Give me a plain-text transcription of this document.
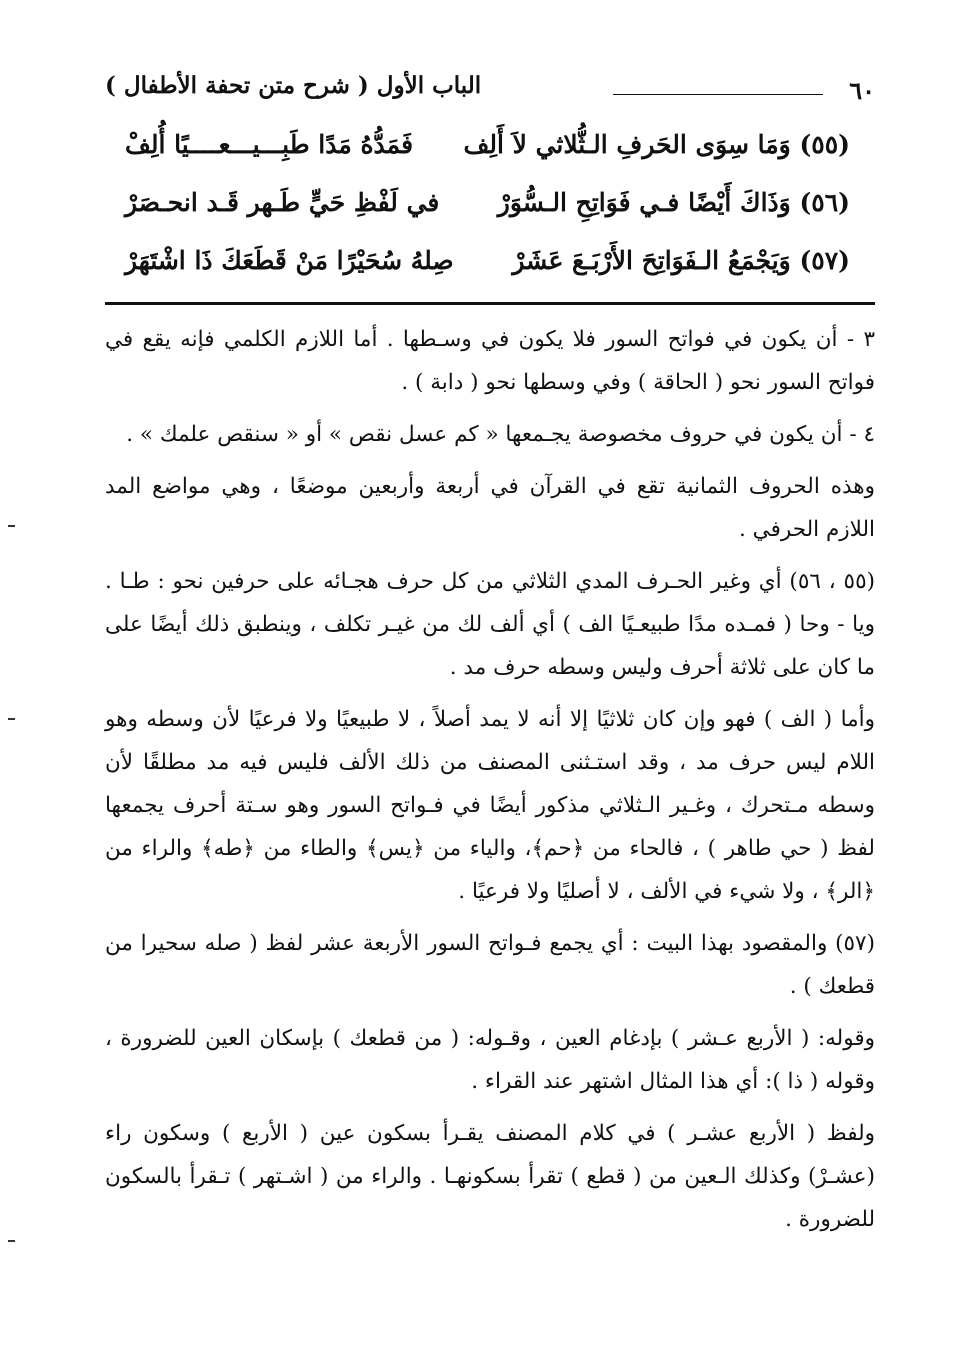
٦٠
الباب الأول ( شرح متن تحفة الأطفال )
(٥٥) وَمَا سِوَى الحَرفِ الـثُّلاثي لاَ أَلِف
فَمَدُّهُ مَدًا طَبِـــيـــعــــيًا أُلِفْ
(٥٦) وَذَاكَ أَيْضًا فـي فَوَاتِحِ الـسُّوَرْ
في لَفْظِ حَيٍّ طَـهر قَـد انحـصَرْ
(٥٧) وَيَجْمَعُ الـفَوَاتِحَ الأَرْبَـعَ عَشَرْ
صِلهُ سُحَيْرًا مَنْ قَطَعَكَ ذَا اشْتَهَرْ

٣ - أن يكون في فواتح السور فلا يكون في وسـطها . أما اللازم الكلمي فإنه يقع في فواتح السور نحو ( الحاقة ) وفي وسطها نحو ( دابة ) .

٤ - أن يكون في حروف مخصوصة يجـمعها « كم عسل نقص » أو « سنقص علمك » .

وهذه الحروف الثمانية تقع في القرآن في أربعة وأربعين موضعًا ، وهي مواضع المد اللازم الحرفي .

(٥٥ ، ٥٦) أي وغير الحـرف المدي الثلاثي من كل حرف هجـائه على حرفين نحو : طـا . ويا - وحا ( فمـده مدًا طبيعـيًا الف ) أي ألف لك من غيـر تكلف ، وينطبق ذلك أيضًا على ما كان على ثلاثة أحرف وليس وسطه حرف مد .

وأما ( الف ) فهو وإن كان ثلاثيًا إلا أنه لا يمد أصلاً ، لا طبيعيًا ولا فرعيًا لأن وسطه وهو اللام ليس حرف مد ، وقد استـثنى المصنف من ذلك الألف فليس فيه مد مطلقًا لأن وسطه مـتحرك ، وغـير الـثلاثي مذكور أيضًا في فـواتح السور وهو سـتة أحرف يجمعها لفظ ( حي طاهر ) ، فالحاء من ﴿حم﴾، والياء من ﴿يس﴾ والطاء من ﴿طه﴾ والراء من ﴿الر﴾ ، ولا شيء في الألف ، لا أصليًا ولا فرعيًا .

(٥٧) والمقصود بهذا البيت : أي يجمع فـواتح السور الأربعة عشر لفظ ( صله سحيرا من قطعك ) .

وقوله: ( الأربع عـشر ) بإدغام العين ، وقـوله: ( من قطعك ) بإسكان العين للضرورة ، وقوله ( ذا ): أي هذا المثال اشتهر عند القراء .

ولفظ ( الأربع عشـر ) في كلام المصنف يقـرأ بسكون عين ( الأربع ) وسكون راء (عشـرْ) وكذلك الـعين من ( قطع ) تقرأ بسكونهـا . والراء من ( اشـتهر ) تـقرأ بالسكون للضرورة .
